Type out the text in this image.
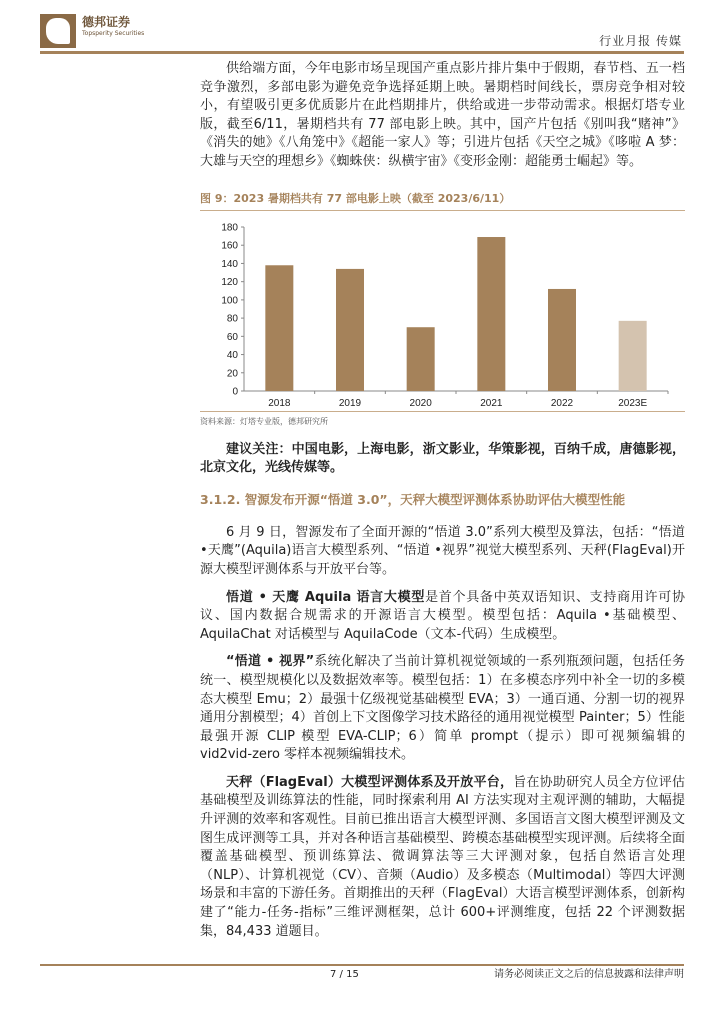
德邦证券
Topsperity Securities
行业月报 传媒

供给端方面，今年电影市场呈现国产重点影片排片集中于假期，春节档、五一档竞争激烈，多部电影为避免竞争选择延期上映。暑期档时间线长，票房竞争相对较小，有望吸引更多优质影片在此档期排片，供给或进一步带动需求。根据灯塔专业版，截至6/11，暑期档共有 77 部电影上映。其中，国产片包括《别叫我“赌神”》《消失的她》《八角笼中》《超能一家人》等；引进片包括《天空之城》《哆啦 A 梦：大雄与天空的理想乡》《蜘蛛侠：纵横宇宙》《变形金刚：超能勇士崛起》等。

图 9：2023 暑期档共有 77 部电影上映（截至 2023/6/11）
0
20
40
60
80
100
120
140
160
180
2018	2019	2020	2021	2022	2023E
资料来源：灯塔专业版，德邦研究所

建议关注：中国电影，上海电影，浙文影业，华策影视，百纳千成，唐德影视，北京文化，光线传媒等。

3.1.2. 智源发布开源“悟道 3.0”，天秤大模型评测体系协助评估大模型性能

6 月 9 日，智源发布了全面开源的“悟道 3.0”系列大模型及算法，包括：“悟道 •天鹰”(Aquila)语言大模型系列、“悟道 •视界”视觉大模型系列、天秤(FlagEval)开源大模型评测体系与开放平台等。

悟道 • 天鹰 Aquila 语言大模型是首个具备中英双语知识、支持商用许可协议、国内数据合规需求的开源语言大模型。模型包括：Aquila •基础模型、AquilaChat 对话模型与 AquilaCode（文本-代码）生成模型。

“悟道 • 视界”系统化解决了当前计算机视觉领域的一系列瓶颈问题，包括任务统一、模型规模化以及数据效率等。模型包括：1）在多模态序列中补全一切的多模态大模型 Emu；2）最强十亿级视觉基础模型 EVA；3）一通百通、分割一切的视界通用分割模型；4）首创上下文图像学习技术路径的通用视觉模型 Painter；5）性能最强开源 CLIP 模型 EVA-CLIP；6）简单 prompt（提示）即可视频编辑的 vid2vid-zero 零样本视频编辑技术。

天秤（FlagEval）大模型评测体系及开放平台，旨在协助研究人员全方位评估基础模型及训练算法的性能，同时探索利用 AI 方法实现对主观评测的辅助，大幅提升评测的效率和客观性。目前已推出语言大模型评测、多国语言文图大模型评测及文图生成评测等工具，并对各种语言基础模型、跨模态基础模型实现评测。后续将全面覆盖基础模型、预训练算法、微调算法等三大评测对象，包括自然语言处理（NLP）、计算机视觉（CV）、音频（Audio）及多模态（Multimodal）等四大评测场景和丰富的下游任务。首期推出的天秤（FlagEval）大语言模型评测体系，创新构建了“能力-任务-指标”三维评测框架，总计 600+评测维度，包括 22 个评测数据集，84,433 道题目。

7 / 15	请务必阅读正文之后的信息披露和法律声明
